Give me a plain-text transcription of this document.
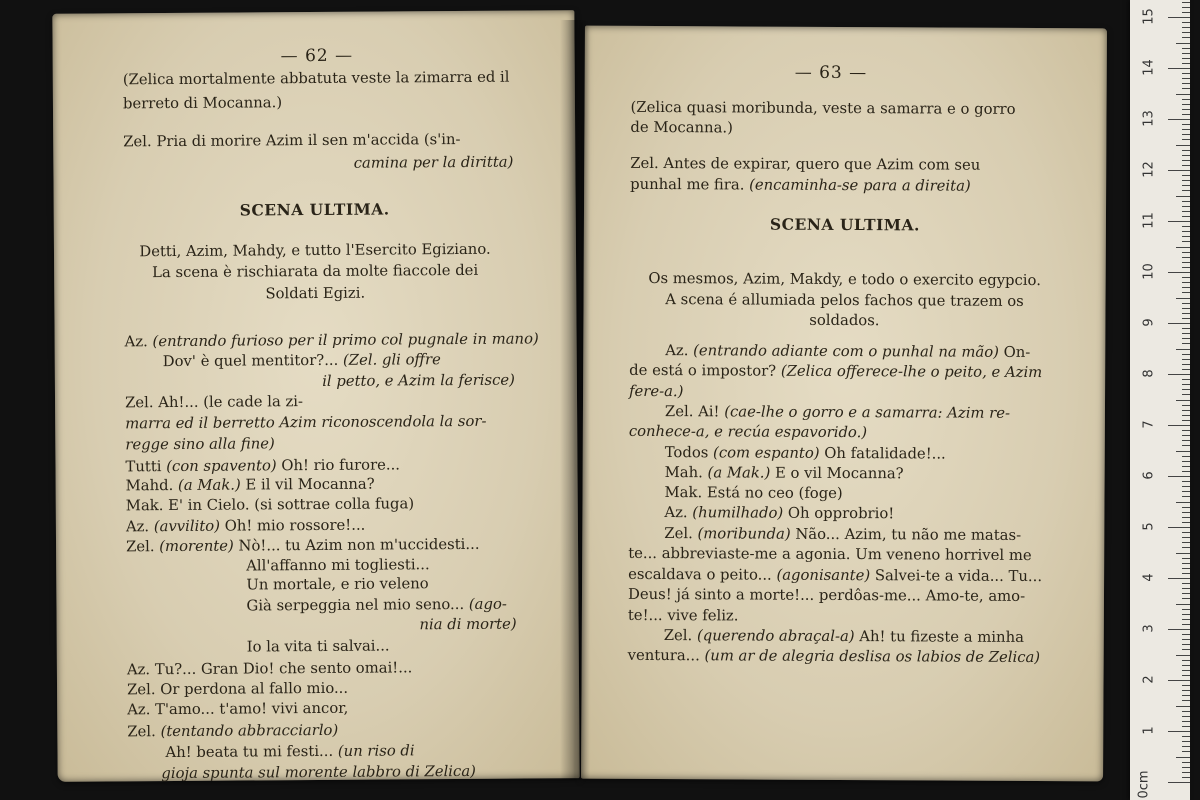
— 62 —
(Zelica mortalmente abbatuta veste la zimarra ed il
berreto di Mocanna.)
Zel. Pria di morire Azim il sen m'accida (s'in-
camina per la diritta)
Detti, Azim, Mahdy, e tutto l'Esercito Egiziano.
La scena è rischiarata da molte fiaccole dei
Soldati Egizi.
Az. (entrando furioso per il primo col pugnale in mano)
Dov' è quel mentitor?... (Zel. gli offre
il petto, e Azim la ferisce)
Zel. Ah!... (le cade la zi-
marra ed il berretto Azim riconoscendola la sor-
regge sino alla fine)
Tutti (con spavento) Oh! rio furore...
Mahd. (a Mak.) E il vil Mocanna?
Mak. E' in Cielo. (si sottrae colla fuga)
Az. (avvilito) Oh! mio rossore!...
Zel. (morente) Nò!... tu Azim non m'uccidesti...
All'affanno mi togliesti...
Un mortale, e rio veleno
Già serpeggia nel mio seno... (ago-
nia di morte)
Io la vita ti salvai...
Az. Tu?... Gran Dio! che sento omai!...
Zel. Or perdona al fallo mio...
Az. T'amo... t'amo! vivi ancor,
Zel. (tentando abbracciarlo)
Ah! beata tu mi festi... (un riso di
gioja spunta sul morente labbro di Zelica)
SCENA ULTIMA.
— 63 —
(Zelica quasi moribunda, veste a samarra e o gorro
de Mocanna.)
Zel. Antes de expirar, quero que Azim com seu
punhal me fira. (encaminha-se para a direita)
Os mesmos, Azim, Makdy, e todo o exercito egypcio.
A scena é allumiada pelos fachos que trazem os
soldados.
Az. (entrando adiante com o punhal na mão) On-
de está o impostor? (Zelica offerece-lhe o peito, e Azim
fere-a.)
Zel. Ai! (cae-lhe o gorro e a samarra: Azim re-
conhece-a, e recúa espavorido.)
Todos (com espanto) Oh fatalidade!...
Mah. (a Mak.) E o vil Mocanna?
Mak. Está no ceo (foge)
Az. (humilhado) Oh opprobrio!
Zel. (moribunda) Não... Azim, tu não me matas-
te... abbreviaste-me a agonia. Um veneno horrivel me
escaldava o peito... (agonisante) Salvei-te a vida... Tu...
Deus! já sinto a morte!... perdôas-me... Amo-te, amo-
te!... vive feliz.
Zel. (querendo abraçal-a) Ah! tu fizeste a minha
ventura... (um ar de alegria deslisa os labios de Zelica)
SCENA ULTIMA.
0cm
1
2
3
4
5
6
7
8
9
10
11
12
13
14
15
